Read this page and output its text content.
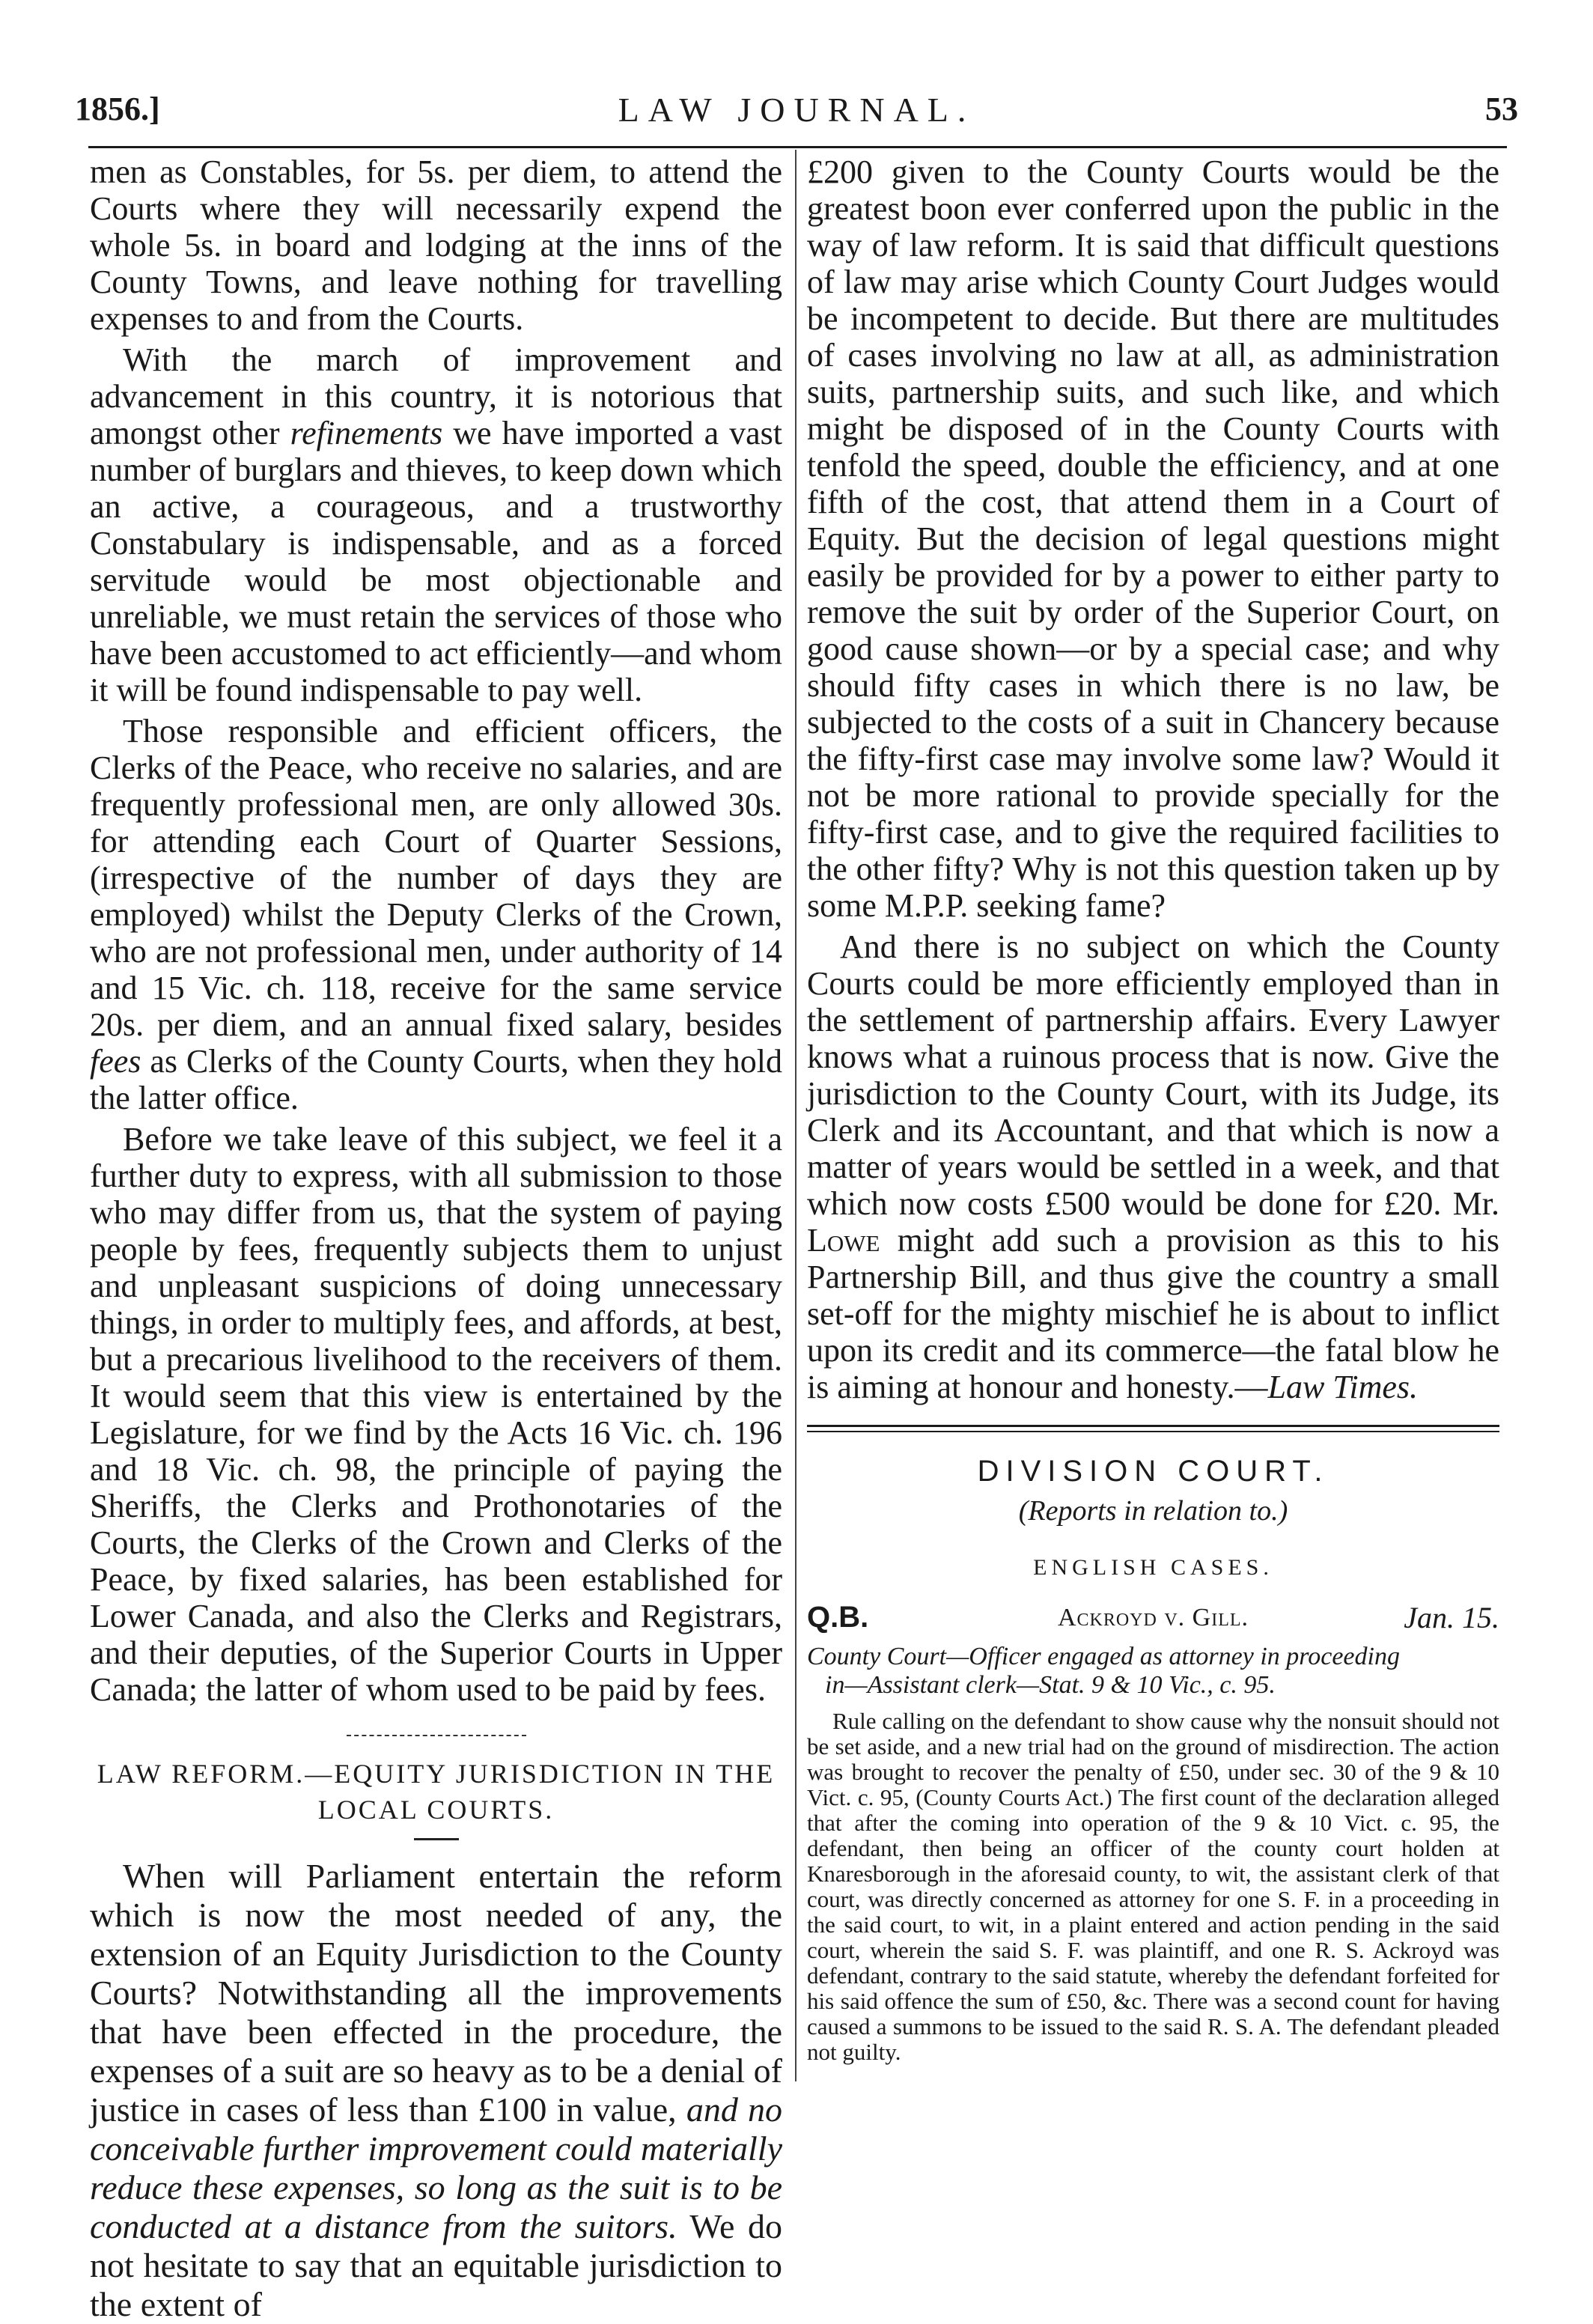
1856.]	LAW JOURNAL.	53

men as Constables, for 5s. per diem, to attend the Courts where they will necessarily expend the whole 5s. in board and lodging at the inns of the County Towns, and leave nothing for travelling expenses to and from the Courts.

With the march of improvement and advancement in this country, it is notorious that amongst other refinements we have imported a vast number of burglars and thieves, to keep down which an active, a courageous, and a trustworthy Constabulary is indispensable, and as a forced servitude would be most objectionable and unreliable, we must retain the services of those who have been accustomed to act efficiently—and whom it will be found indispensable to pay well.

Those responsible and efficient officers, the Clerks of the Peace, who receive no salaries, and are frequently professional men, are only allowed 30s. for attending each Court of Quarter Sessions, (irrespective of the number of days they are employed) whilst the Deputy Clerks of the Crown, who are not professional men, under authority of 14 and 15 Vic. ch. 118, receive for the same service 20s. per diem, and an annual fixed salary, besides fees as Clerks of the County Courts, when they hold the latter office.

Before we take leave of this subject, we feel it a further duty to express, with all submission to those who may differ from us, that the system of paying people by fees, frequently subjects them to unjust and unpleasant suspicions of doing unnecessary things, in order to multiply fees, and affords, at best, but a precarious livelihood to the receivers of them. It would seem that this view is entertained by the Legislature, for we find by the Acts 16 Vic. ch. 196 and 18 Vic. ch. 98, the principle of paying the Sheriffs, the Clerks and Prothonotaries of the Courts, the Clerks of the Crown and Clerks of the Peace, by fixed salaries, has been established for Lower Canada, and also the Clerks and Registrars, and their deputies, of the Superior Courts in Upper Canada; the latter of whom used to be paid by fees.

LAW REFORM.—EQUITY JURISDICTION IN THE
LOCAL COURTS.

When will Parliament entertain the reform which is now the most needed of any, the extension of an Equity Jurisdiction to the County Courts? Notwithstanding all the improvements that have been effected in the procedure, the expenses of a suit are so heavy as to be a denial of justice in cases of less than £100 in value, and no conceivable further improvement could materially reduce these expenses, so long as the suit is to be conducted at a distance from the suitors. We do not hesitate to say that an equitable jurisdiction to the extent of

£200 given to the County Courts would be the greatest boon ever conferred upon the public in the way of law reform. It is said that difficult questions of law may arise which County Court Judges would be incompetent to decide. But there are multitudes of cases involving no law at all, as administration suits, partnership suits, and such like, and which might be disposed of in the County Courts with tenfold the speed, double the efficiency, and at one fifth of the cost, that attend them in a Court of Equity. But the decision of legal questions might easily be provided for by a power to either party to remove the suit by order of the Superior Court, on good cause shown—or by a special case; and why should fifty cases in which there is no law, be subjected to the costs of a suit in Chancery because the fifty-first case may involve some law? Would it not be more rational to provide specially for the fifty-first case, and to give the required facilities to the other fifty? Why is not this question taken up by some M.P.P. seeking fame?

And there is no subject on which the County Courts could be more efficiently employed than in the settlement of partnership affairs. Every Lawyer knows what a ruinous process that is now. Give the jurisdiction to the County Court, with its Judge, its Clerk and its Accountant, and that which is now a matter of years would be settled in a week, and that which now costs £500 would be done for £20. Mr. Lowe might add such a provision as this to his Partnership Bill, and thus give the country a small set-off for the mighty mischief he is about to inflict upon its credit and its commerce—the fatal blow he is aiming at honour and honesty.—Law Times.

DIVISION COURT.
(Reports in relation to.)
ENGLISH CASES.
Q.B.	Ackroyd v. Gill.	Jan. 15.

County Court—Officer engaged as attorney in proceeding
in—Assistant clerk—Stat. 9 & 10 Vic., c. 95.

Rule calling on the defendant to show cause why the nonsuit should not be set aside, and a new trial had on the ground of misdirection. The action was brought to recover the penalty of £50, under sec. 30 of the 9 & 10 Vict. c. 95, (County Courts Act.) The first count of the declaration alleged that after the coming into operation of the 9 & 10 Vict. c. 95, the defendant, then being an officer of the county court holden at Knaresborough in the aforesaid county, to wit, the assistant clerk of that court, was directly concerned as attorney for one S. F. in a proceeding in the said court, to wit, in a plaint entered and action pending in the said court, wherein the said S. F. was plaintiff, and one R. S. Ackroyd was defendant, contrary to the said statute, whereby the defendant forfeited for his said offence the sum of £50, &c. There was a second count for having caused a summons to be issued to the said R. S. A. The defendant pleaded not guilty.
